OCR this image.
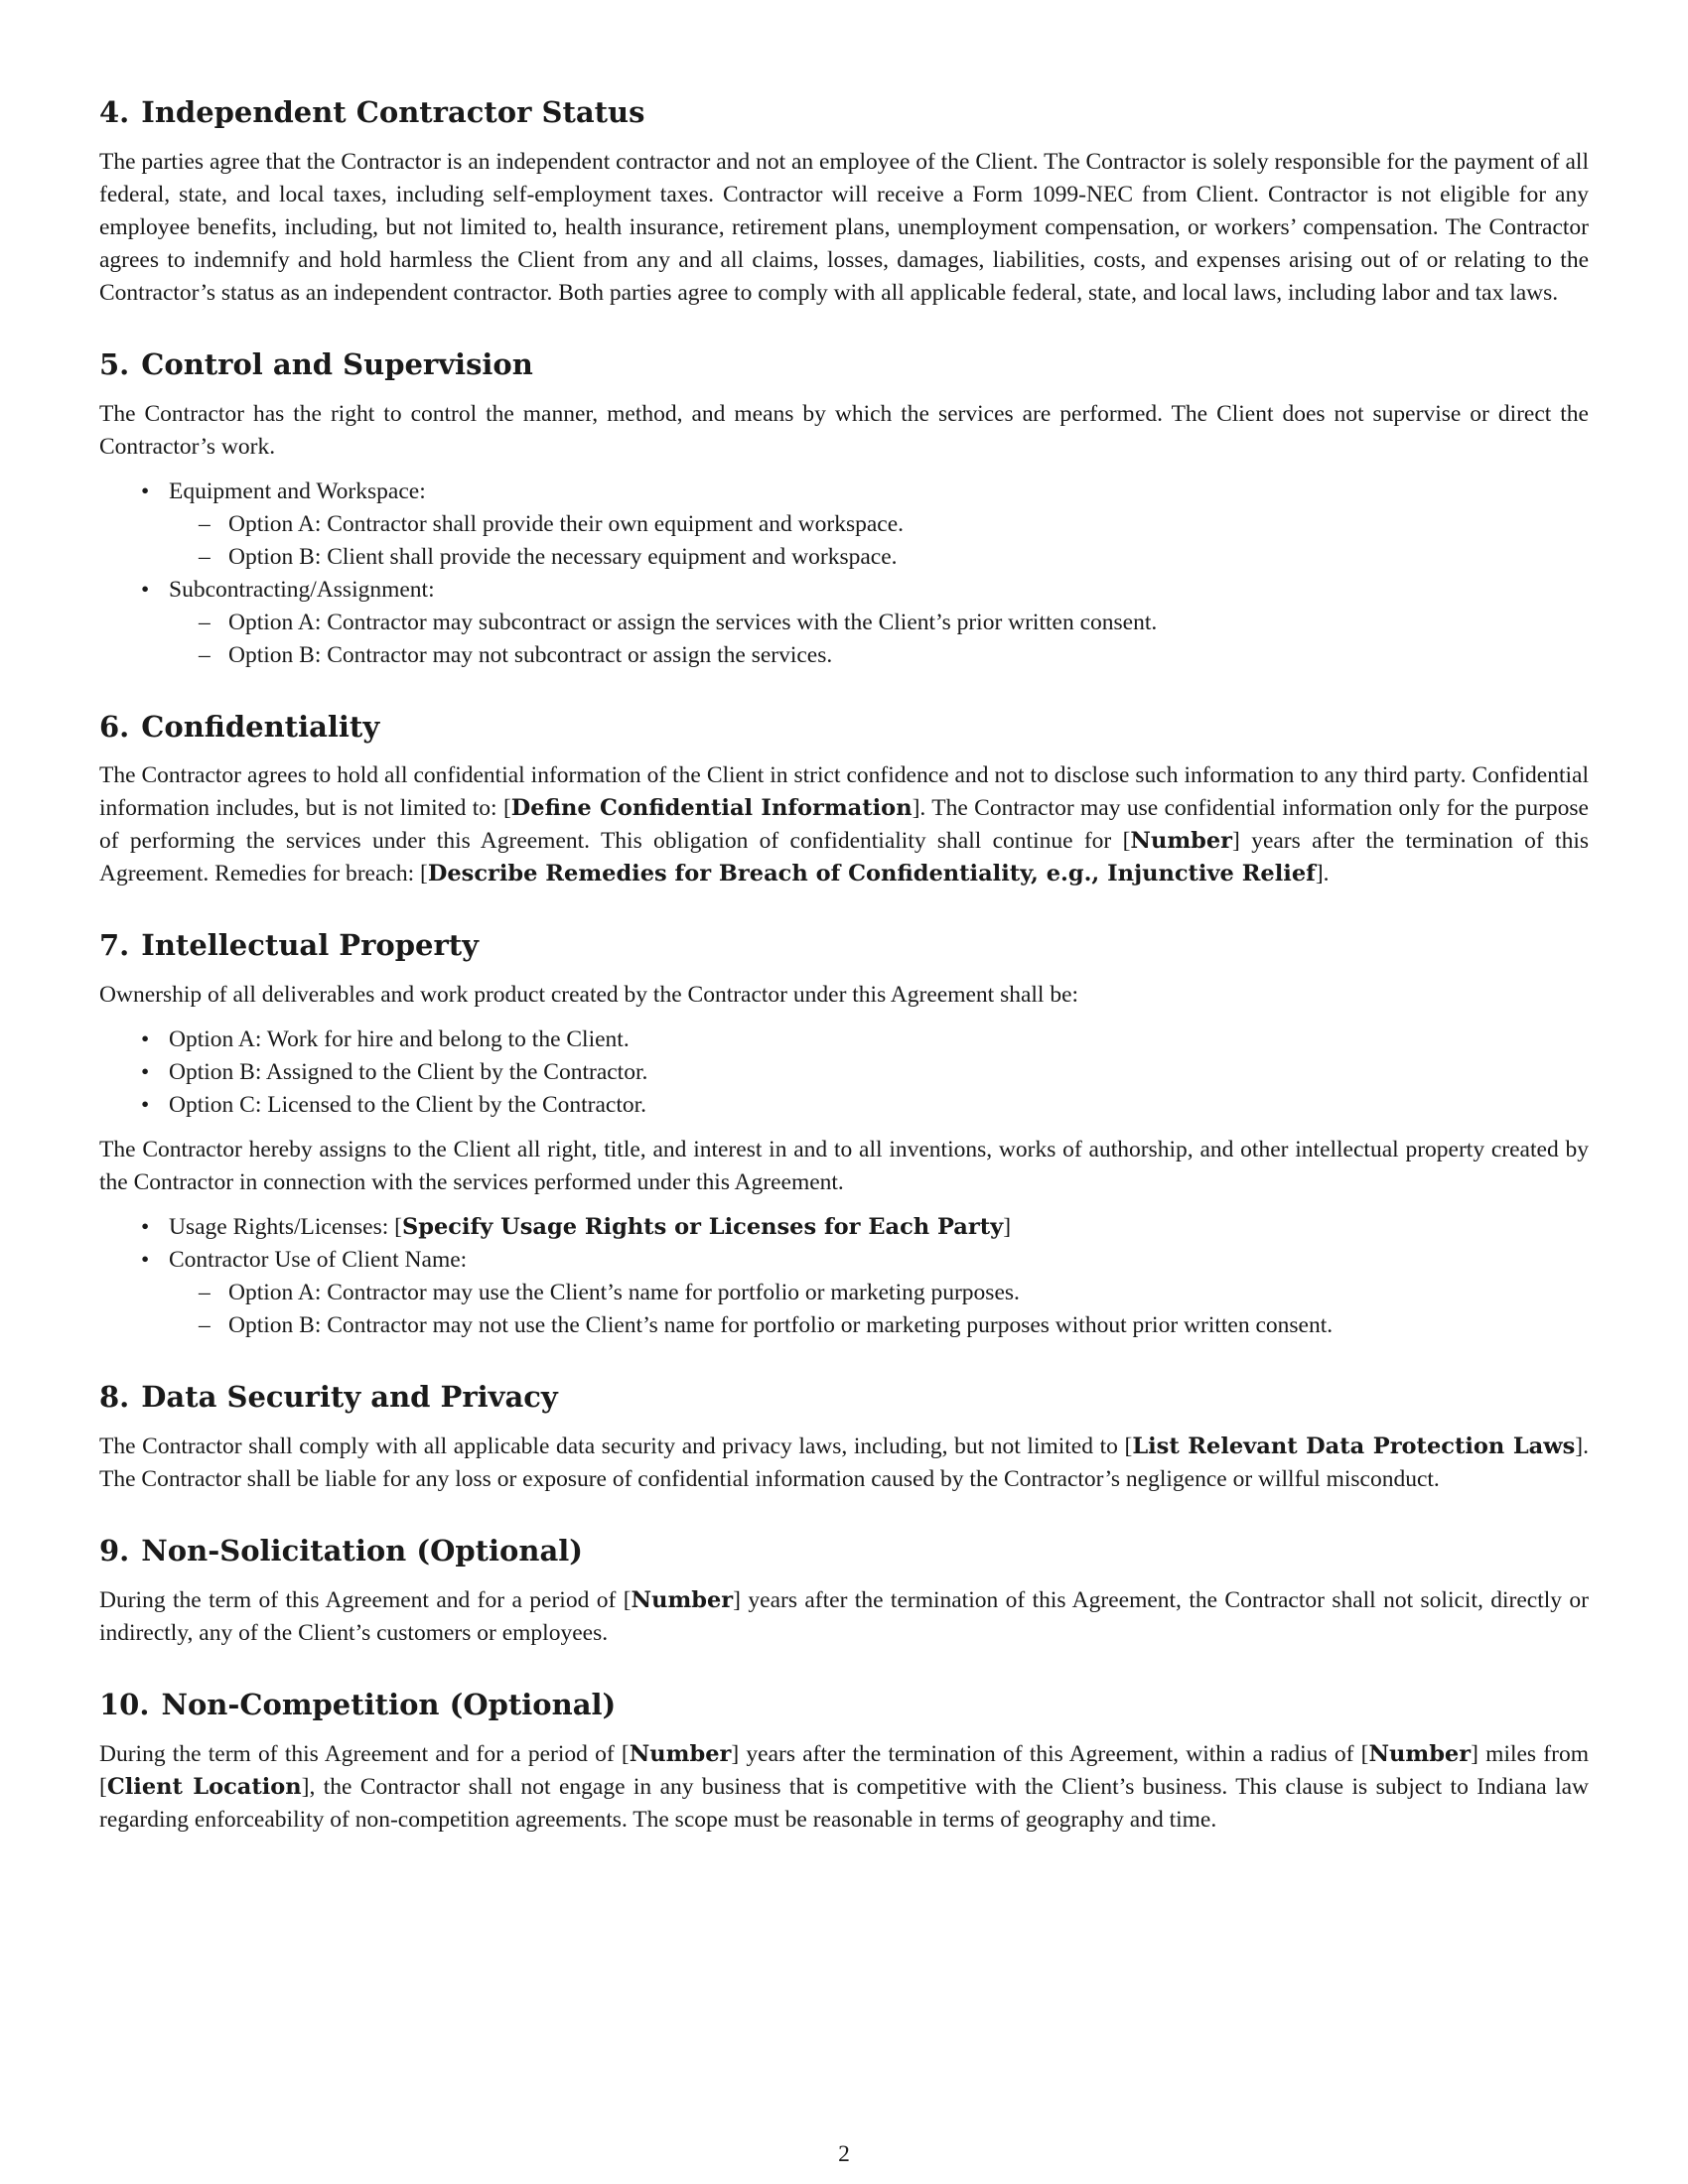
4. Independent Contractor Status

The parties agree that the Contractor is an independent contractor and not an employee of the Client. The Contractor is solely responsible for the payment of all federal, state, and local taxes, including self-employment taxes. Contractor will receive a Form 1099-NEC from Client. Contractor is not eligible for any employee benefits, including, but not limited to, health insurance, retirement plans, unemployment compensation, or workers’ compensation. The Contractor agrees to indemnify and hold harmless the Client from any and all claims, losses, damages, liabilities, costs, and expenses arising out of or relating to the Contractor’s status as an independent contractor. Both parties agree to comply with all applicable federal, state, and local laws, including labor and tax laws.

5. Control and Supervision

The Contractor has the right to control the manner, method, and means by which the services are performed. The Client does not supervise or direct the Contractor’s work.

• Equipment and Workspace:
– Option A: Contractor shall provide their own equipment and workspace.
– Option B: Client shall provide the necessary equipment and workspace.
• Subcontracting/Assignment:
– Option A: Contractor may subcontract or assign the services with the Client’s prior written consent.
– Option B: Contractor may not subcontract or assign the services.
6. Confidentiality

The Contractor agrees to hold all confidential information of the Client in strict confidence and not to disclose such information to any third party. Confidential information includes, but is not limited to: [Define Confidential Information]. The Contractor may use confidential information only for the purpose of performing the services under this Agreement. This obligation of confidentiality shall continue for [Number] years after the termination of this Agreement. Remedies for breach: [Describe Remedies for Breach of Confidentiality, e.g., Injunctive Relief].

7. Intellectual Property

Ownership of all deliverables and work product created by the Contractor under this Agreement shall be:

• Option A: Work for hire and belong to the Client.
• Option B: Assigned to the Client by the Contractor.
• Option C: Licensed to the Client by the Contractor.

The Contractor hereby assigns to the Client all right, title, and interest in and to all inventions, works of authorship, and other intellectual property created by the Contractor in connection with the services performed under this Agreement.

• Usage Rights/Licenses: [Specify Usage Rights or Licenses for Each Party]
• Contractor Use of Client Name:
– Option A: Contractor may use the Client’s name for portfolio or marketing purposes.
– Option B: Contractor may not use the Client’s name for portfolio or marketing purposes without prior written consent.
8. Data Security and Privacy

The Contractor shall comply with all applicable data security and privacy laws, including, but not limited to [List Relevant Data Protection Laws]. The Contractor shall be liable for any loss or exposure of confidential information caused by the Contractor’s negligence or willful misconduct.

9. Non-Solicitation (Optional)

During the term of this Agreement and for a period of [Number] years after the termination of this Agreement, the Contractor shall not solicit, directly or indirectly, any of the Client’s customers or employees.

10. Non-Competition (Optional)

During the term of this Agreement and for a period of [Number] years after the termination of this Agreement, within a radius of [Number] miles from [Client Location], the Contractor shall not engage in any business that is competitive with the Client’s business. This clause is subject to Indiana law regarding enforceability of non-competition agreements. The scope must be reasonable in terms of geography and time.

2
